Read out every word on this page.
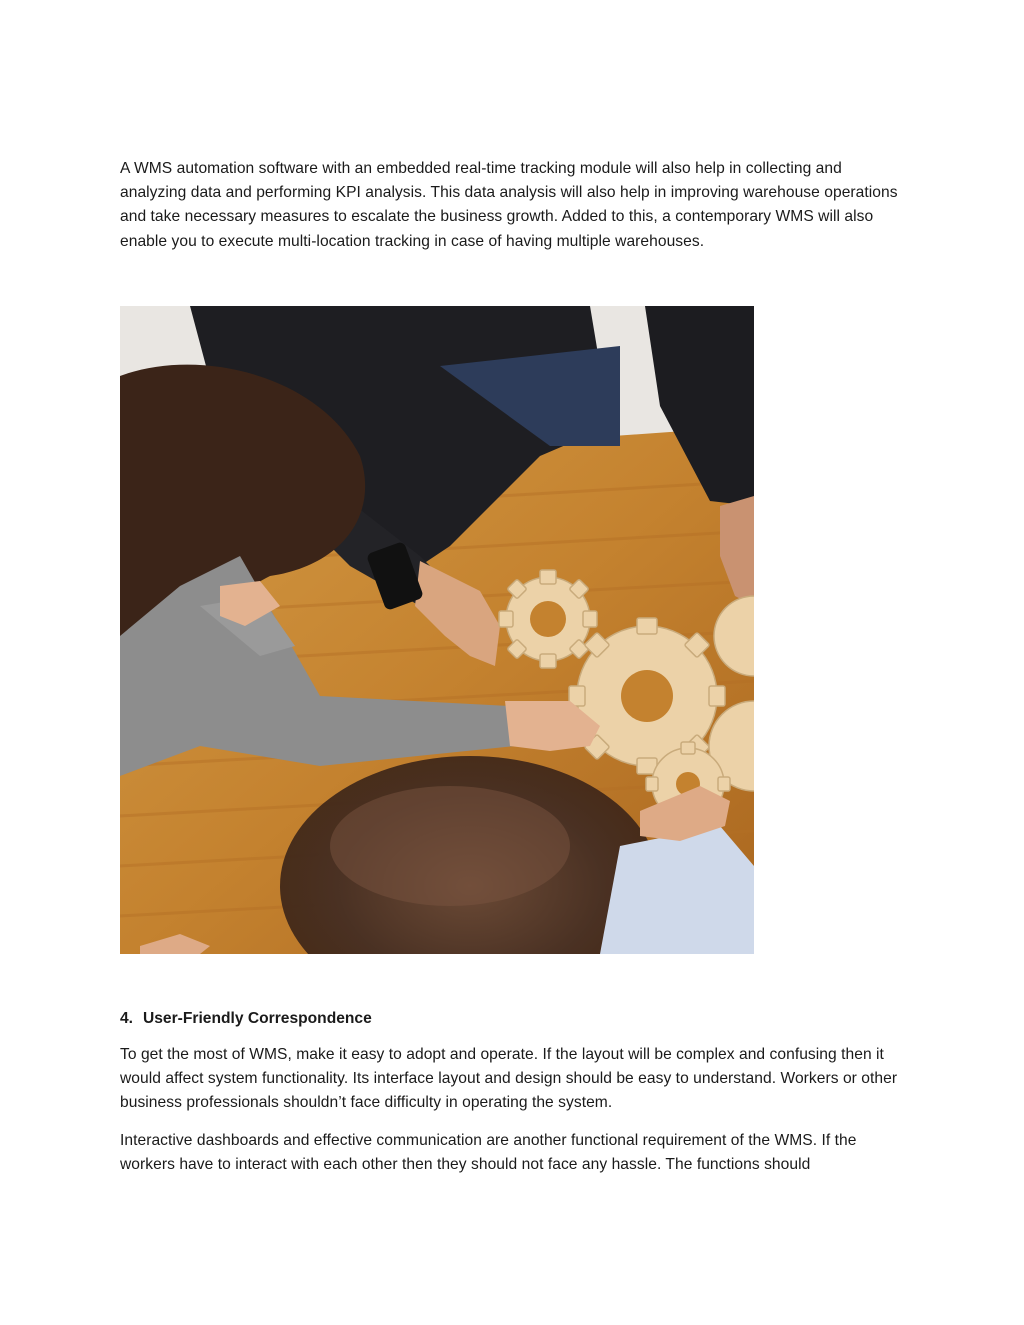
A WMS automation software with an embedded real-time tracking module will also help in collecting and analyzing data and performing KPI analysis. This data analysis will also help in improving warehouse operations and take necessary measures to escalate the business growth. Added to this, a contemporary WMS will also enable you to execute multi-location tracking in case of having multiple warehouses.

4. User-Friendly Correspondence

To get the most of WMS, make it easy to adopt and operate. If the layout will be complex and confusing then it would affect system functionality. Its interface layout and design should be easy to understand. Workers or other business professionals shouldn’t face difficulty in operating the system.

Interactive dashboards and effective communication are another functional requirement of the WMS. If the workers have to interact with each other then they should not face any hassle. The functions should
